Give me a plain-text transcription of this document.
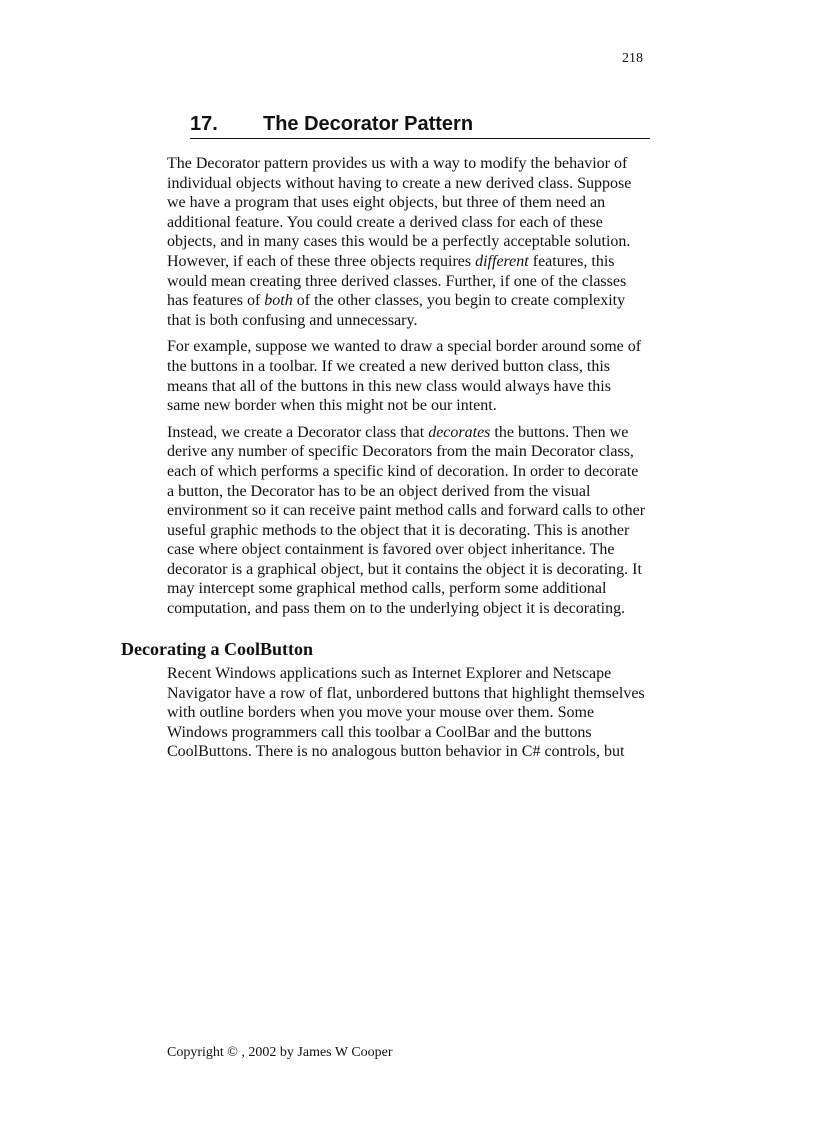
218
17. The Decorator Pattern
The Decorator pattern provides us with a way to modify the behavior of
individual objects without having to create a new derived class. Suppose
we have a program that uses eight objects, but three of them need an
additional feature. You could create a derived class for each of these
objects, and in many cases this would be a perfectly acceptable solution.
However, if each of these three objects requires different features, this
would mean creating three derived classes. Further, if one of the classes
has features of both of the other classes, you begin to create complexity
that is both confusing and unnecessary.
For example, suppose we wanted to draw a special border around some of
the buttons in a toolbar. If we created a new derived button class, this
means that all of the buttons in this new class would always have this
same new border when this might not be our intent.
Instead, we create a Decorator class that decorates the buttons. Then we
derive any number of specific Decorators from the main Decorator class,
each of which performs a specific kind of decoration. In order to decorate
a button, the Decorator has to be an object derived from the visual
environment so it can receive paint method calls and forward calls to other
useful graphic methods to the object that it is decorating. This is another
case where object containment is favored over object inheritance. The
decorator is a graphical object, but it contains the object it is decorating. It
may intercept some graphical method calls, perform some additional
computation, and pass them on to the underlying object it is decorating.
Decorating a CoolButton
Recent Windows applications such as Internet Explorer and Netscape
Navigator have a row of flat, unbordered buttons that highlight themselves
with outline borders when you move your mouse over them. Some
Windows programmers call this toolbar a CoolBar and the buttons
CoolButtons. There is no analogous button behavior in C# controls, but
Copyright © , 2002 by James W Cooper
